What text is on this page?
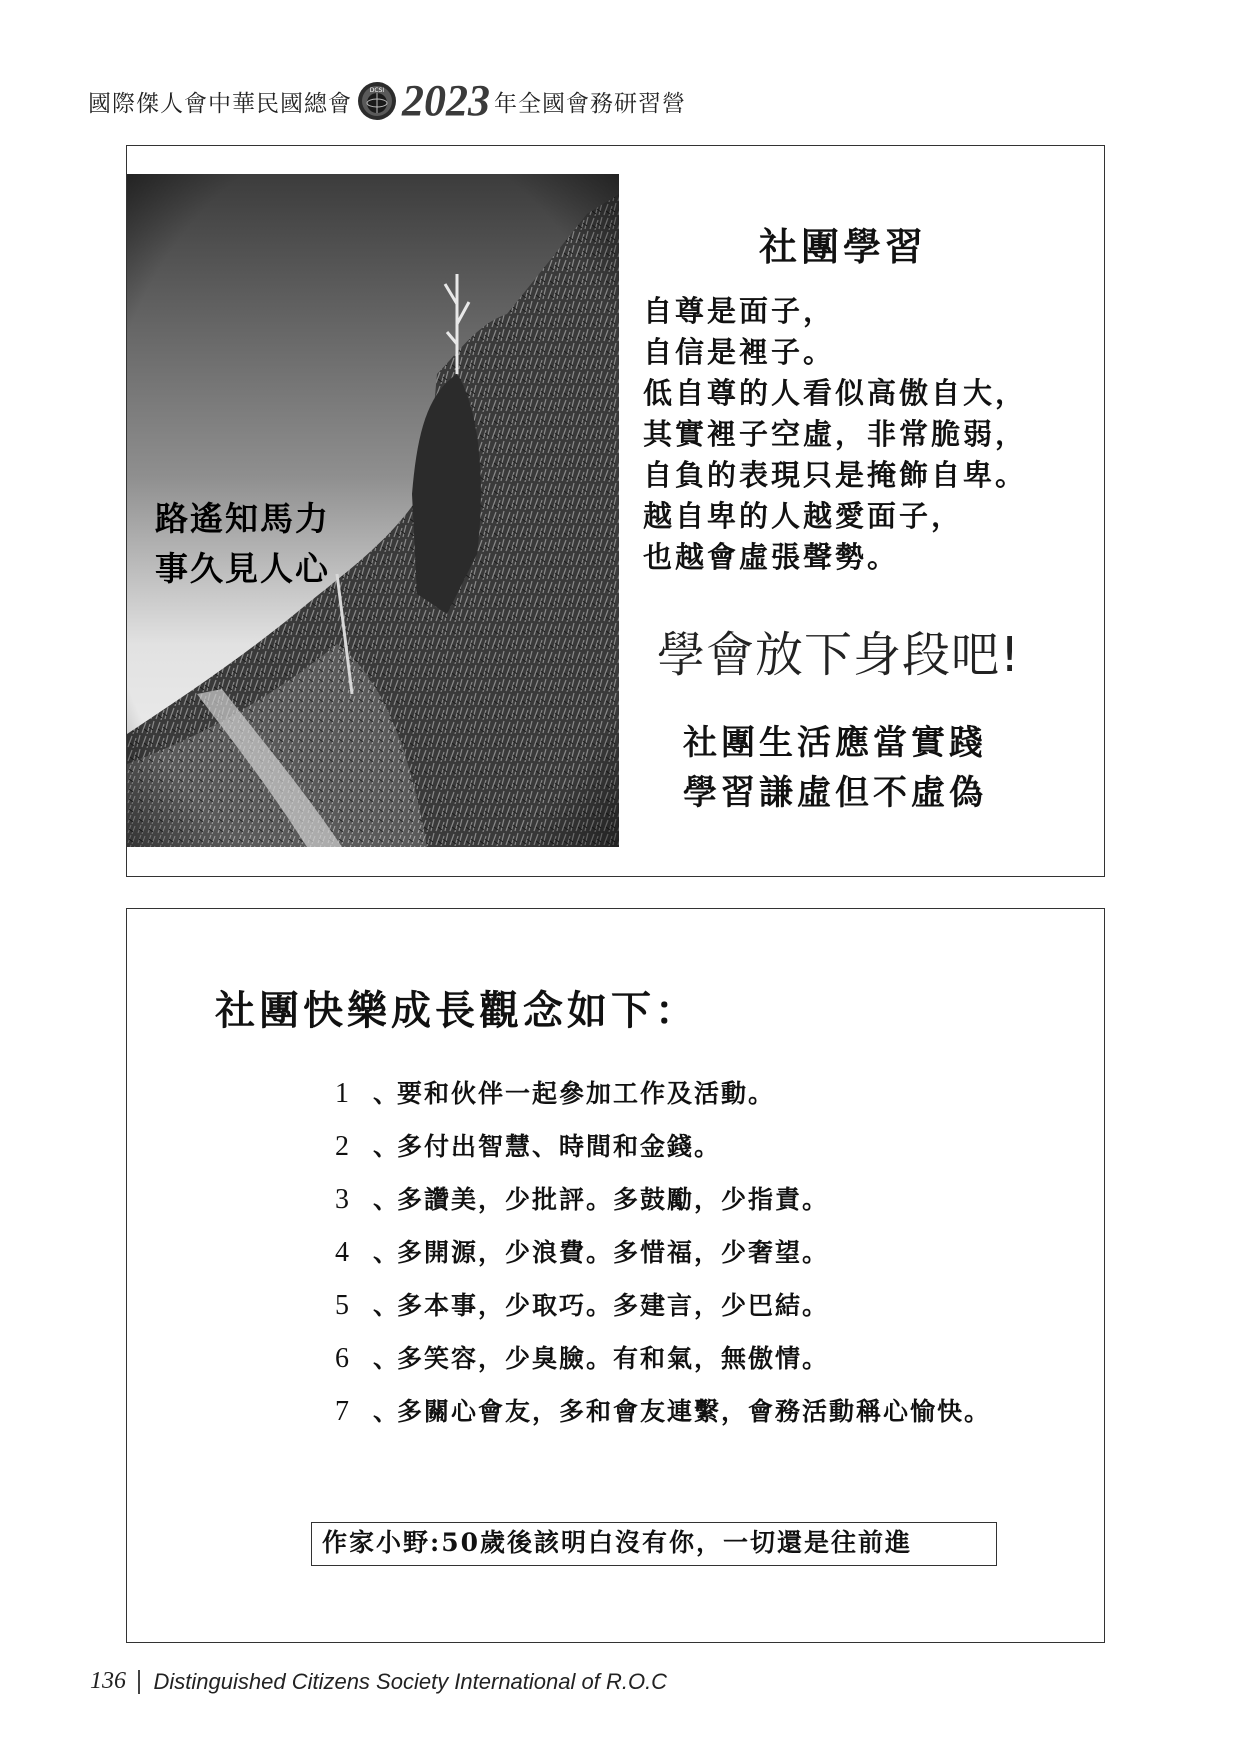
國際傑人會中華民國總會	DCSI 2023 年全國會務研習營
路遙知馬力
事久見人心
社團學習
自尊是面子，
自信是裡子。
低自尊的人看似高傲自大，
其實裡子空虛，非常脆弱，
自負的表現只是掩飾自卑。
越自卑的人越愛面子，
也越會虛張聲勢。
學會放下身段吧!
社團生活應當實踐
學習謙虛但不虛偽
社團快樂成長觀念如下：
1 、
要和伙伴一起參加工作及活動。
2 、
多付出智慧、時間和金錢。
3 、
多讚美，少批評。多鼓勵，少指責。
4 、
多開源，少浪費。多惜福，少奢望。
5 、
多本事，少取巧。多建言，少巴結。
6 、
多笑容，少臭臉。有和氣，無傲情。
7 、
多關心會友，多和會友連繫，會務活動稱心愉快。
作家小野:50歲後該明白沒有你，一切還是往前進
136 Distinguished Citizens Society International of R.O.C
